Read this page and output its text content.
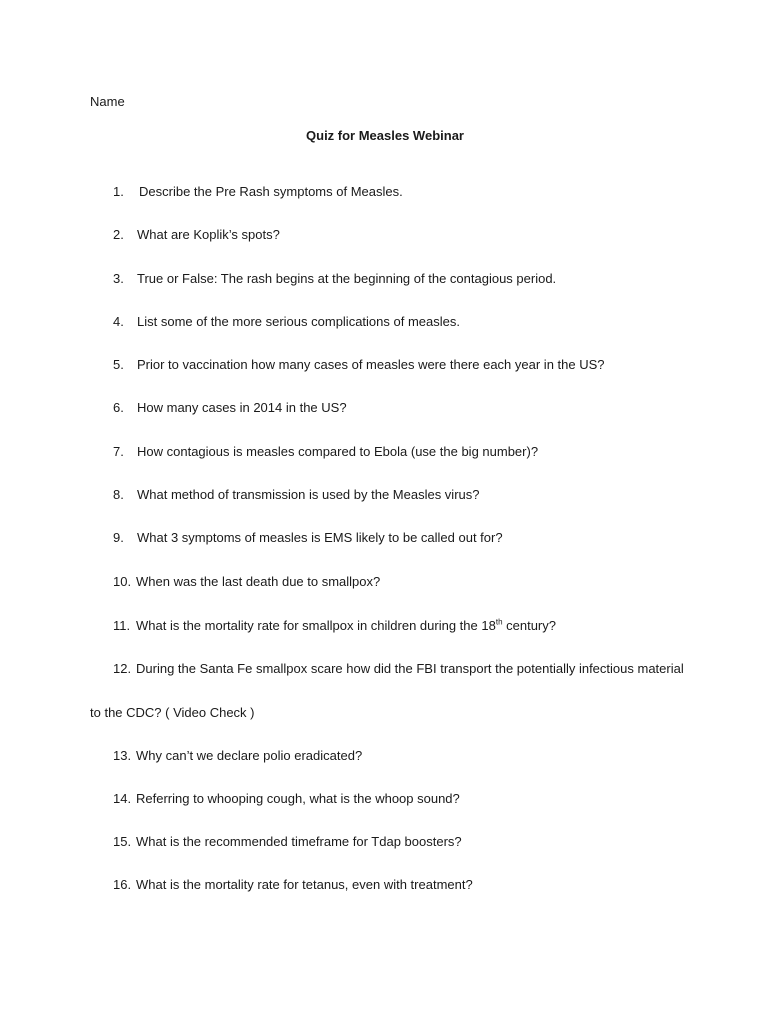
Name
Quiz for Measles Webinar
1. Describe the Pre Rash symptoms of Measles.
2. What are Koplik’s spots?
3. True or False: The rash begins at the beginning of the contagious period.
4. List some of the more serious complications of measles.
5. Prior to vaccination how many cases of measles were there each year in the US?
6. How many cases in 2014 in the US?
7. How contagious is measles compared to Ebola (use the big number)?
8. What method of transmission is used by the Measles virus?
9. What 3 symptoms of measles is EMS likely to be called out for?
10. When was the last death due to smallpox?
11. What is the mortality rate for smallpox in children during the 18th century?
12. During the Santa Fe smallpox scare how did the FBI transport the potentially infectious material
to the CDC? ( Video Check )
13. Why can’t we declare polio eradicated?
14. Referring to whooping cough, what is the whoop sound?
15. What is the recommended timeframe for Tdap boosters?
16. What is the mortality rate for tetanus, even with treatment?
